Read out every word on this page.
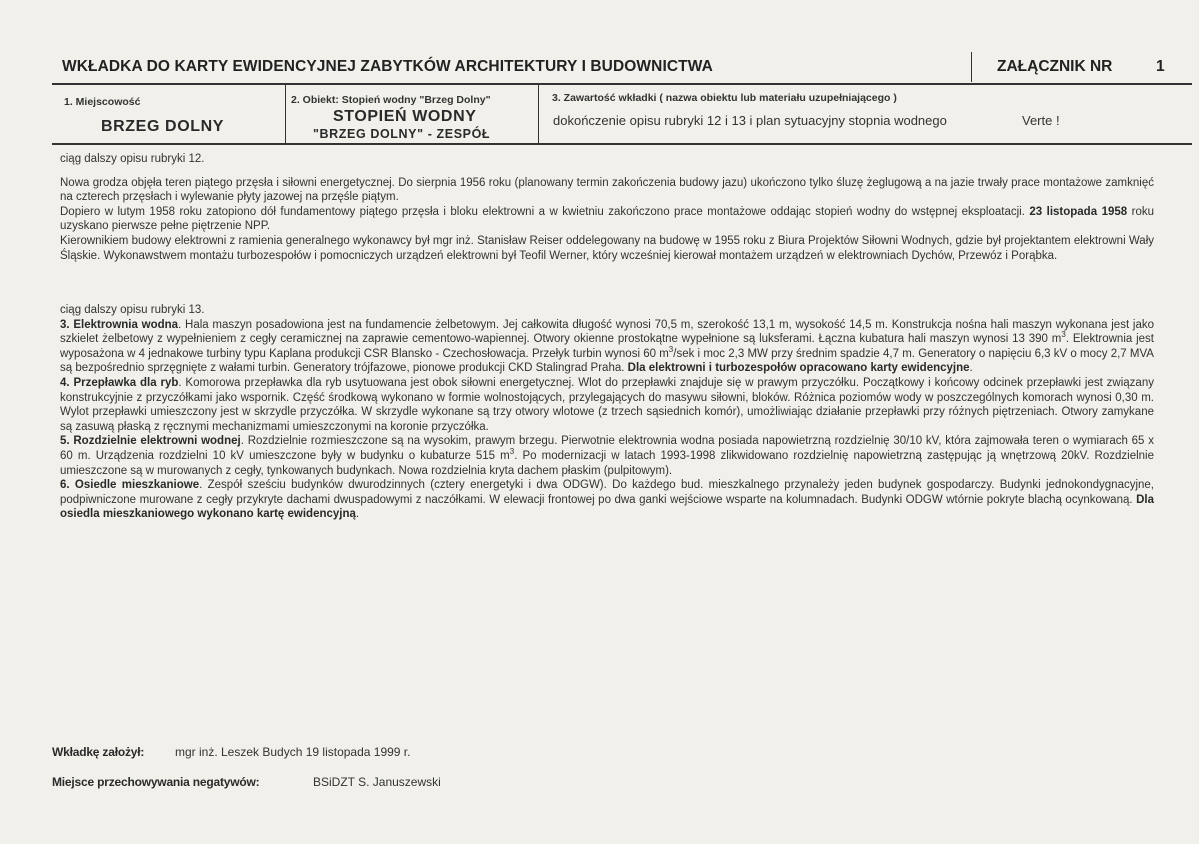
WKŁADKA DO KARTY EWIDENCYJNEJ ZABYTKÓW ARCHITEKTURY I BUDOWNICTWA	ZAŁĄCZNIK NR	1
1. Miejscowość
BRZEG DOLNY
2. Obiekt: Stopień wodny "Brzeg Dolny"
STOPIEŃ WODNY
"BRZEG DOLNY" - ZESPÓŁ
3. Zawartość wkładki ( nazwa obiektu lub materiału uzupełniającego )
dokończenie opisu rubryki 12 i 13 i plan sytuacyjny stopnia wodnego	Verte !

ciąg dalszy opisu rubryki 12.

Nowa grodza objęła teren piątego przęsła i siłowni energetycznej. Do sierpnia 1956 roku (planowany termin zakończenia budowy jazu) ukończono tylko śluzę żeglugową a na jazie trwały prace montażowe zamknięć na czterech przęsłach i wylewanie płyty jazowej na przęśle piątym.

Dopiero w lutym 1958 roku zatopiono dół fundamentowy piątego przęsła i bloku elektrowni a w kwietniu zakończono prace montażowe oddając stopień wodny do wstępnej eksploatacji. 23 listopada 1958 roku uzyskano pierwsze pełne piętrzenie NPP.

Kierownikiem budowy elektrowni z ramienia generalnego wykonawcy był mgr inż. Stanisław Reiser oddelegowany na budowę w 1955 roku z Biura Projektów Siłowni Wodnych, gdzie był projektantem elektrowni Wały Śląskie. Wykonawstwem montażu turbozespołów i pomocniczych urządzeń elektrowni był Teofil Werner, który wcześniej kierował montażem urządzeń w elektrowniach Dychów, Przewóz i Porąbka.

ciąg dalszy opisu rubryki 13.

3. Elektrownia wodna. Hala maszyn posadowiona jest na fundamencie żelbetowym. Jej całkowita długość wynosi 70,5 m, szerokość 13,1 m, wysokość 14,5 m. Konstrukcja nośna hali maszyn wykonana jest jako szkielet żelbetowy z wypełnieniem z cegły ceramicznej na zaprawie cementowo-wapiennej. Otwory okienne prostokątne wypełnione są luksferami. Łączna kubatura hali maszyn wynosi 13 390 $m^3$. Elektrownia jest wyposażona w 4 jednakowe turbiny typu Kaplana produkcji CSR Blansko - Czechosłowacja. Przełyk turbin wynosi 60 $m^3$/sek i moc 2,3 MW przy średnim spadzie 4,7 m. Generatory o napięciu 6,3 kV o mocy 2,7 MVA są bezpośrednio sprzęgnięte z wałami turbin. Generatory trójfazowe, pionowe produkcji CKD Stalingrad Praha. Dla elektrowni i turbozespołów opracowano karty ewidencyjne.

4. Przepławka dla ryb. Komorowa przepławka dla ryb usytuowana jest obok siłowni energetycznej. Wlot do przepławki znajduje się w prawym przyczółku. Początkowy i końcowy odcinek przepławki jest związany konstrukcyjnie z przyczółkami jako wspornik. Część środkową wykonano w formie wolnostojących, przylegających do masywu siłowni, bloków. Różnica poziomów wody w poszczególnych komorach wynosi 0,30 m. Wylot przepławki umieszczony jest w skrzydle przyczółka. W skrzydle wykonane są trzy otwory wlotowe (z trzech sąsiednich komór), umożliwiając działanie przepławki przy różnych piętrzeniach. Otwory zamykane są zasuwą płaską z ręcznymi mechanizmami umieszczonymi na koronie przyczółka.

5. Rozdzielnie elektrowni wodnej. Rozdzielnie rozmieszczone są na wysokim, prawym brzegu. Pierwotnie elektrownia wodna posiada napowietrzną rozdzielnię 30/10 kV, która zajmowała teren o wymiarach 65 x 60 m. Urządzenia rozdzielni 10 kV umieszczone były w budynku o kubaturze 515 $m^3$. Po modernizacji w latach 1993-1998 zlikwidowano rozdzielnię napowietrzną zastępując ją wnętrzową 20kV. Rozdzielnie umieszczone są w murowanych z cegły, tynkowanych budynkach. Nowa rozdzielnia kryta dachem płaskim (pulpitowym).

6. Osiedle mieszkaniowe. Zespół sześciu budynków dwurodzinnych (cztery energetyki i dwa ODGW). Do każdego bud. mieszkalnego przynależy jeden budynek gospodarczy. Budynki jednokondygnacyjne, podpiwniczone murowane z cegły przykryte dachami dwuspadowymi z naczółkami. W elewacji frontowej po dwa ganki wejściowe wsparte na kolumnadach. Budynki ODGW wtórnie pokryte blachą ocynkowaną. Dla osiedla mieszkaniowego wykonano kartę ewidencyjną.

Wkładkę założył:	mgr inż. Leszek Budych 19 listopada 1999 r.
Miejsce przechowywania negatywów:	BSiDZT S. Januszewski
